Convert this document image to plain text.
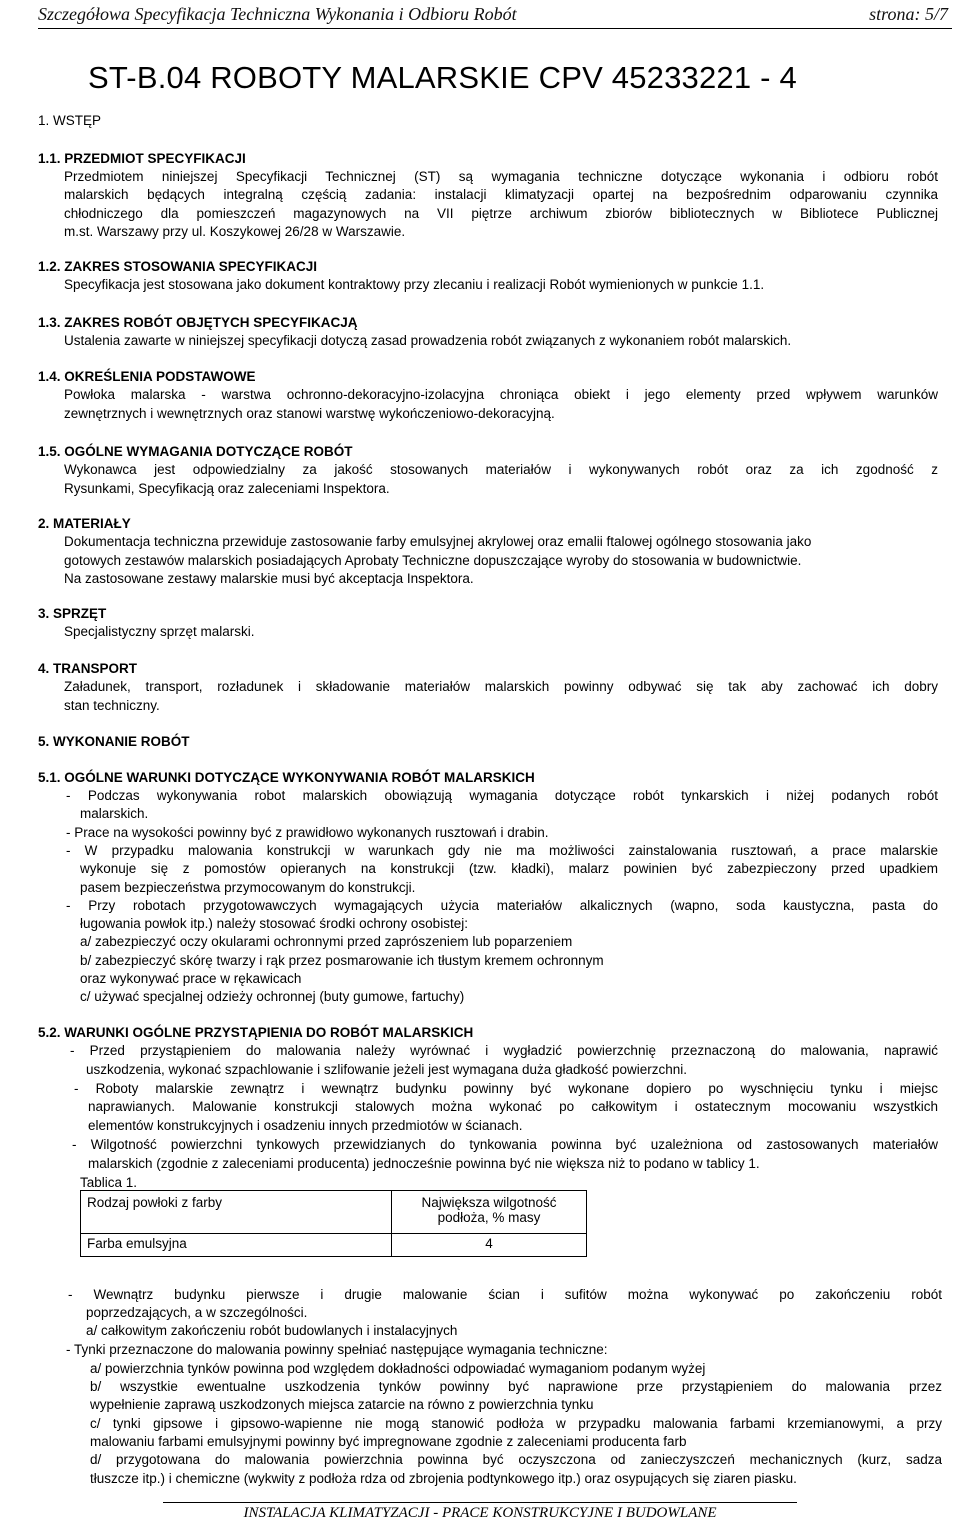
Szczegółowa Specyfikacja Techniczna Wykonania i Odbioru Robót	strona: 5/7
ST-B.04 ROBOTY MALARSKIE CPV 45233221 - 4
1. WSTĘP
1.1. PRZEDMIOT SPECYFIKACJI
Przedmiotem niniejszej Specyfikacji Technicznej (ST) są wymagania techniczne dotyczące wykonania i odbioru robót
malarskich będących integralną częścią zadania: instalacji klimatyzacji opartej na bezpośrednim odparowaniu czynnika
chłodniczego dla pomieszczeń magazynowych na VII piętrze archiwum zbiorów bibliotecznych w Bibliotece Publicznej
m.st. Warszawy przy ul. Koszykowej 26/28 w Warszawie.
1.2. ZAKRES STOSOWANIA SPECYFIKACJI
Specyfikacja jest stosowana jako dokument kontraktowy przy zlecaniu i realizacji Robót wymienionych w punkcie 1.1.
1.3. ZAKRES ROBÓT OBJĘTYCH SPECYFIKACJĄ
Ustalenia zawarte w niniejszej specyfikacji dotyczą zasad prowadzenia robót związanych z wykonaniem robót malarskich.
1.4. OKREŚLENIA PODSTAWOWE
Powłoka malarska - warstwa ochronno-dekoracyjno-izolacyjna chroniąca obiekt i jego elementy przed wpływem warunków
zewnętrznych i wewnętrznych oraz stanowi warstwę wykończeniowo-dekoracyjną.
1.5. OGÓLNE WYMAGANIA DOTYCZĄCE ROBÓT
Wykonawca jest odpowiedzialny za jakość stosowanych materiałów i wykonywanych robót oraz za ich zgodność z
Rysunkami, Specyfikacją oraz zaleceniami Inspektora.
2. MATERIAŁY
Dokumentacja techniczna przewiduje zastosowanie farby emulsyjnej akrylowej oraz emalii ftalowej ogólnego stosowania jako
gotowych zestawów malarskich posiadających Aprobaty Techniczne dopuszczające wyroby do stosowania w budownictwie.
Na zastosowane zestawy malarskie musi być akceptacja Inspektora.
3. SPRZĘT
Specjalistyczny sprzęt malarski.
4. TRANSPORT
Załadunek, transport, rozładunek i składowanie materiałów malarskich powinny odbywać się tak aby zachować ich dobry
stan techniczny.
5. WYKONANIE ROBÓT
5.1. OGÓLNE WARUNKI DOTYCZĄCE WYKONYWANIA ROBÓT MALARSKICH
- Podczas wykonywania robot malarskich obowiązują wymagania dotyczące robót tynkarskich i niżej podanych robót
malarskich.
- Prace na wysokości powinny być z prawidłowo wykonanych rusztowań i drabin.
- W przypadku malowania konstrukcji w warunkach gdy nie ma możliwości zainstalowania rusztowań, a prace malarskie
wykonuje się z pomostów opieranych na konstrukcji (tzw. kładki), malarz powinien być zabezpieczony przed upadkiem
pasem bezpieczeństwa przymocowanym do konstrukcji.
- Przy robotach przygotowawczych wymagających użycia materiałów alkalicznych (wapno, soda kaustyczna, pasta do
ługowania powłok itp.) należy stosować środki ochrony osobistej:
a/ zabezpieczyć oczy okularami ochronnymi przed zaprószeniem lub poparzeniem
b/ zabezpieczyć skórę twarzy i rąk przez posmarowanie ich tłustym kremem ochronnym
oraz wykonywać prace w rękawicach
c/ używać specjalnej odzieży ochronnej (buty gumowe, fartuchy)
5.2. WARUNKI OGÓLNE PRZYSTĄPIENIA DO ROBÓT MALARSKICH
- Przed przystąpieniem do malowania należy wyrównać i wygładzić powierzchnię przeznaczoną do malowania, naprawić
uszkodzenia, wykonać szpachlowanie i szlifowanie jeżeli jest wymagana duża gładkość powierzchni.
- Roboty malarskie zewnątrz i wewnątrz budynku powinny być wykonane dopiero po wyschnięciu tynku i miejsc
naprawianych. Malowanie konstrukcji stalowych można wykonać po całkowitym i ostatecznym mocowaniu wszystkich
elementów konstrukcyjnych i osadzeniu innych przedmiotów w ścianach.
- Wilgotność powierzchni tynkowych przewidzianych do tynkowania powinna być uzależniona od zastosowanych materiałów
malarskich (zgodnie z zaleceniami producenta) jednocześnie powinna być nie większa niż to podano w tablicy 1.
Tablica 1.
- Wewnątrz budynku pierwsze i drugie malowanie ścian i sufitów można wykonywać po zakończeniu robót
poprzedzających, a w szczególności.
a/ całkowitym zakończeniu robót budowlanych i instalacyjnych
- Tynki przeznaczone do malowania powinny spełniać następujące wymagania techniczne:
a/ powierzchnia tynków powinna pod względem dokładności odpowiadać wymaganiom podanym wyżej
b/ wszystkie ewentualne uszkodzenia tynków powinny być naprawione prze przystąpieniem do malowania przez
wypełnienie zaprawą uszkodzonych miejsca zatarcie na równo z powierzchnia tynku
c/ tynki gipsowe i gipsowo-wapienne nie mogą stanowić podłoża w przypadku malowania farbami krzemianowymi, a przy
malowaniu farbami emulsyjnymi powinny być impregnowane zgodnie z zaleceniami producenta farb
d/ przygotowana do malowania powierzchnia powinna być oczyszczona od zanieczyszczeń mechanicznych (kurz, sadza
tłuszcze itp.) i chemiczne (wykwity z podłoża rdza od zbrojenia podtynkowego itp.) oraz osypujących się ziaren piasku.
Rodzaj powłoki z farby	Największa wilgotność
podłoża, % masy
Farba emulsyjna	4
INSTALACJA KLIMATYZACJI - PRACE KONSTRUKCYJNE I BUDOWLANE
